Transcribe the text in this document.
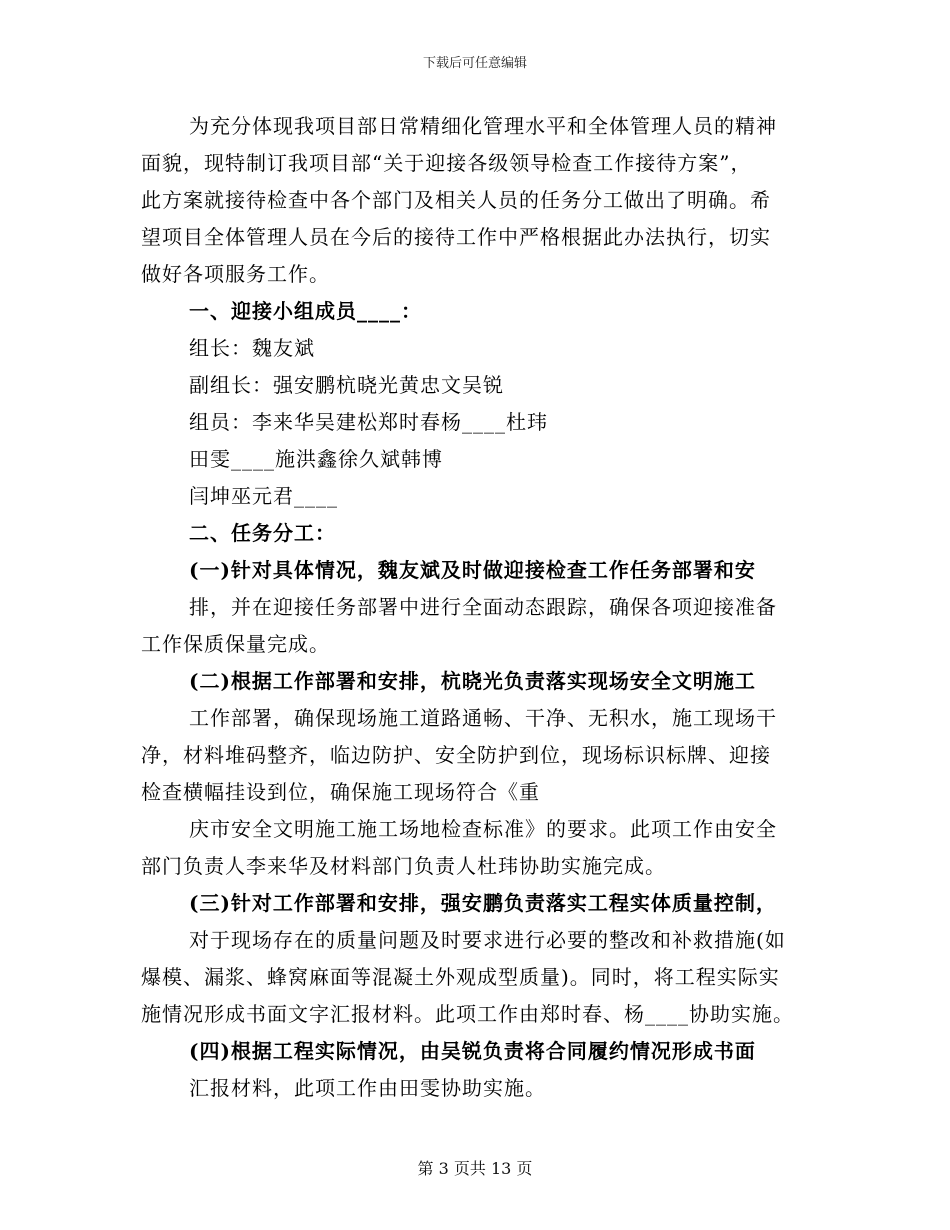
下载后可任意编辑
为充分体现我项目部日常精细化管理水平和全体管理人员的精神
面貌，现特制订我项目部“关于迎接各级领导检查工作接待方案”，
此方案就接待检查中各个部门及相关人员的任务分工做出了明确。希
望项目全体管理人员在今后的接待工作中严格根据此办法执行，切实
做好各项服务工作。
一、迎接小组成员____：
组长：魏友斌
副组长：强安鹏杭晓光黄忠文吴锐
组员：李来华吴建松郑时春杨____杜玮
田雯____施洪鑫徐久斌韩博
闫坤巫元君____
二、任务分工：
(一)针对具体情况，魏友斌及时做迎接检查工作任务部署和安
排，并在迎接任务部署中进行全面动态跟踪，确保各项迎接准备
工作保质保量完成。
(二)根据工作部署和安排，杭晓光负责落实现场安全文明施工
工作部署，确保现场施工道路通畅、干净、无积水，施工现场干
净，材料堆码整齐，临边防护、安全防护到位，现场标识标牌、迎接
检查横幅挂设到位，确保施工现场符合《重
庆市安全文明施工施工场地检查标准》的要求。此项工作由安全
部门负责人李来华及材料部门负责人杜玮协助实施完成。
(三)针对工作部署和安排，强安鹏负责落实工程实体质量控制，
对于现场存在的质量问题及时要求进行必要的整改和补救措施(如
爆模、漏浆、蜂窝麻面等混凝土外观成型质量)。同时，将工程实际实
施情况形成书面文字汇报材料。此项工作由郑时春、杨____协助实施。
(四)根据工程实际情况，由吴锐负责将合同履约情况形成书面
汇报材料，此项工作由田雯协助实施。
第 3 页共 13 页
